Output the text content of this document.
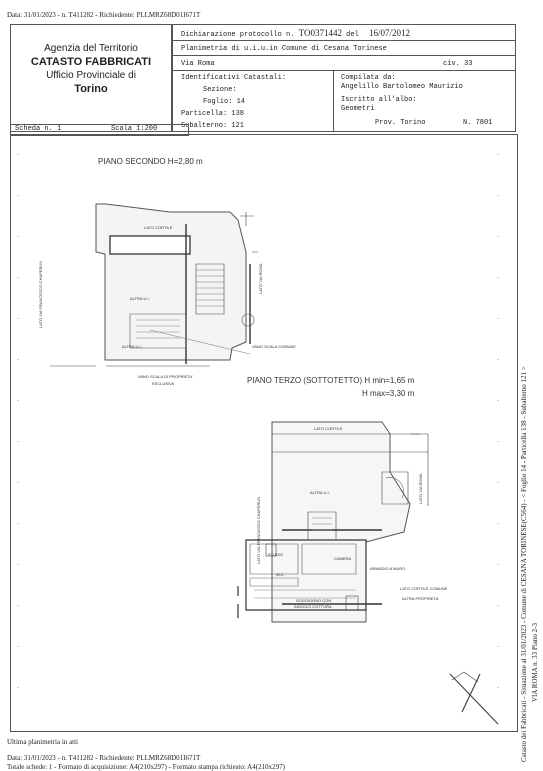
Data: 31/01/2023 - n. T411282 - Richiedente: PLLMRZ68D01I671T
Agenzia del Territorio
CATASTO FABBRICATI
Ufficio Provinciale di
Torino
Dichiarazione protocollo n. TO0371442 del 16/07/2012
Planimetria di u.i.u.in Comune di Cesana Torinese
Via Roma	civ. 33
Identificativi Catastali:
Sezione:
Foglio: 14
Particella: 138
Subalterno: 121
Compilata da:
Angelillo Bartolomeo Maurizio
Iscritto all'albo:
Geometri
Prov. Torino	N. 7801
Scheda n. 1	Scala 1:200
PIANO SECONDO H=2,80 m
PIANO TERZO (SOTTOTETTO) H min=1,65 m
H max=3,30 m
LATO CORTILE
ALTRA U.I.
ALTRA U.I.	VANO SCALA COMUNE
VANO SCALA DI PROPRIETA'
ESCLUSIVA
LATO VIA FRANCESCO CHAPERUN	LATO VIA ROMA
LATO CORTILE
ALTRA U.I.
LATO VIA FRANCESCO CHAPERUN
LATO VIA ROMA
STUDIO
CAMERA
W.C.
ARMADIO A MURO
SOGGIORNO CON
ANGOLO COTTURA
LATO CORTILE COMUNE
ALTRA PROPRIETA'	Catasto dei Fabbricati - Situazione al 31/01/2023 - Comune di CESANA TORINESE(C564) - < Foglio 14 - Particella 138 - Subalterno 121 > VIA ROMA n. 33 Piano 2-3
Ultima planimetria in atti
Data: 31/01/2023 - n. T411282 - Richiedente: PLLMRZ68D01I671T
Totale schede: 1 - Formato di acquisizione: A4(210x297) - Formato stampa richiesto: A4(210x297)
